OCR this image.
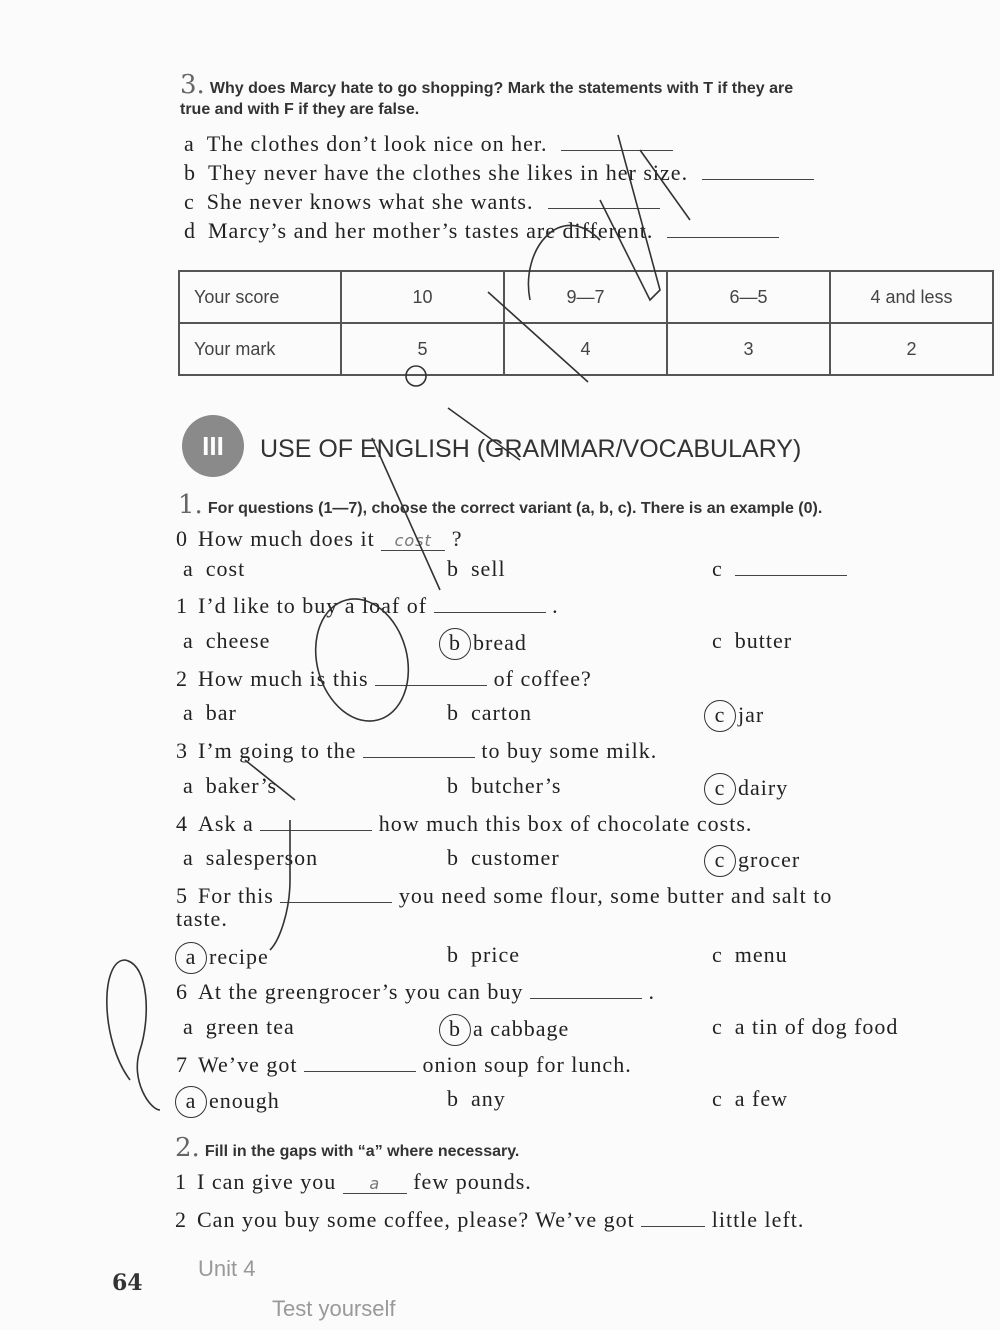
3. Why does Marcy hate to go shopping? Mark the statements with T if they are
true and with F if they are false.
a The clothes don’t look nice on her.
b They never have the clothes she likes in her size.
c She never knows what she wants.
d Marcy’s and her mother’s tastes are different.
Your score	10	9—7	6—5	4 and less
Your mark	5	4	3	2
III	USE OF ENGLISH (GRAMMAR/VOCABULARY)
1. For questions (1—7), choose the correct variant (a, b, c). There is an example (0).
0 How much does it cost ?
a cost	b sell	c
1 I’d like to buy a loaf of	.
a cheese	b bread	c butter
2 How much is this	of coffee?
a bar	b carton	c jar
3 I’m going to the	to buy some milk.
a baker’s	b butcher’s	c dairy
4 Ask a	how much this box of chocolate costs.
a salesperson	b customer	c grocer
5 For this	you need some flour, some butter and salt to
taste.
a recipe	b price	c menu
6 At the greengrocer’s you can buy	.
a green tea	b a cabbage	c a tin of dog food
7 We’ve got	onion soup for lunch.
a enough	b any	c a few
2. Fill in the gaps with “a” where necessary.
1 I can give you a few pounds.
2 Can you buy some coffee, please? We’ve got	little left.
64
Unit 4
Test yourself
